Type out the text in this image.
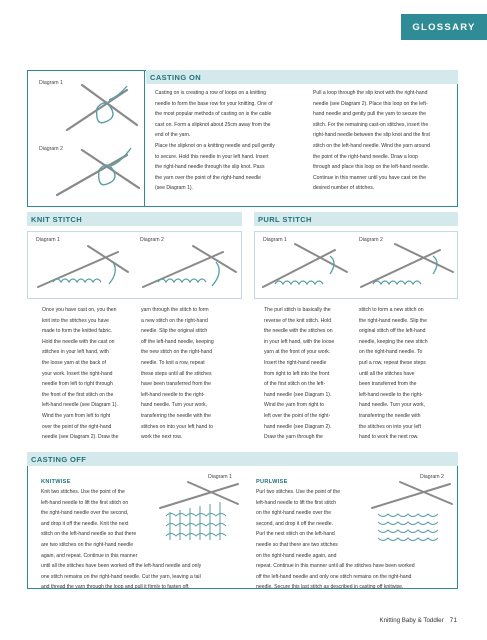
GLOSSARY
Diagram 1
Diagram 2
CASTING ON
Casting on is creating a row of loops on a knitting
needle to form the base row for your knitting. One of
the most popular methods of casting on is the cable
cast on. Form a slipknot about 25cm away from the
end of the yarn.
Place the slipknot on a knitting needle and pull gently
to secure. Hold this needle in your left hand. Insert
the right-hand needle through the slip knot. Pass
the yarn over the point of the right-hand needle
(see Diagram 1).
Pull a loop through the slip knot with the right-hand
needle (see Diagram 2). Place this loop on the left-
hand needle and gently pull the yarn to secure the
stitch. For the remaining cast-on stitches, insert the
right-hand needle between the slip knot and the first
stitch on the left-hand needle. Wind the yarn around
the point of the right-hand needle. Draw a loop
through and place this loop on the left-hand needle.
Continue in this manner until you have cast on the
desired number of stitches.
KNIT STITCH
Diagram 1	Diagram 2
Once you have cast on, you then
knit into the stitches you have
made to form the knitted fabric.
Hold the needle with the cast on
stitches in your left hand, with
the loose yarn at the back of
your work. Insert the right-hand
needle from left to right through
the front of the first stitch on the
left-hand needle (see Diagram 1).
Wind the yarn from left to right
over the point of the right-hand
needle (see Diagram 2). Draw the
yarn through the stitch to form
a new stitch on the right-hand
needle. Slip the original stitch
off the left-hand needle, keeping
the new stitch on the right-hand
needle. To knit a row, repeat
these steps until all the stitches
have been transferred from the
left-hand needle to the right-
hand needle. Turn your work,
transferring the needle with the
stitches on into your left hand to
work the next row.
PURL STITCH
Diagram 1	Diagram 2
The purl stitch is basically the
reverse of the knit stitch. Hold
the needle with the stitches on
in your left hand, with the loose
yarn at the front of your work.
Insert the right-hand needle
from right to left into the front
of the first stitch on the left-
hand needle (see Diagram 1).
Wind the yarn from right to
left over the point of the right-
hand needle (see Diagram 2).
Draw the yarn through the
stitch to form a new stitch on
the right-hand needle. Slip the
original stitch off the left-hand
needle, keeping the new stitch
on the right-hand needle. To
purl a row, repeat these steps
until all the stitches have
been transferred from the
left-hand needle to the right-
hand needle. Turn your work,
transferring the needle with
the stitches on into your left
hand to work the next row.
CASTING OFF
KNITWISE
Diagram 1
Knit two stitches. Use the point of the
left-hand needle to lift the first stitch on
the right-hand needle over the second,
and drop it off the needle. Knit the next
stitch on the left-hand needle so that there
are two stitches on the right-hand needle
again, and repeat. Continue in this manner
until all the stitches have been worked off the left-hand needle and only
one stitch remains on the right-hand needle. Cut the yarn, leaving a tail
and thread the yarn through the loop and pull it firmly to fasten off.
PURLWISE
Diagram 2
Purl two stitches. Use the point of the
left-hand needle to lift the first stitch
on the right-hand needle over the
second, and drop it off the needle.
Purl the next stitch on the left-hand
needle so that there are two stitches
on the right-hand needle again, and
repeat. Continue in this manner until all the stitches have been worked
off the left-hand needle and only one stitch remains on the right-hand
needle. Secure this last stitch as described in casting off knitwise.
Knitting Baby & Toddler 71
